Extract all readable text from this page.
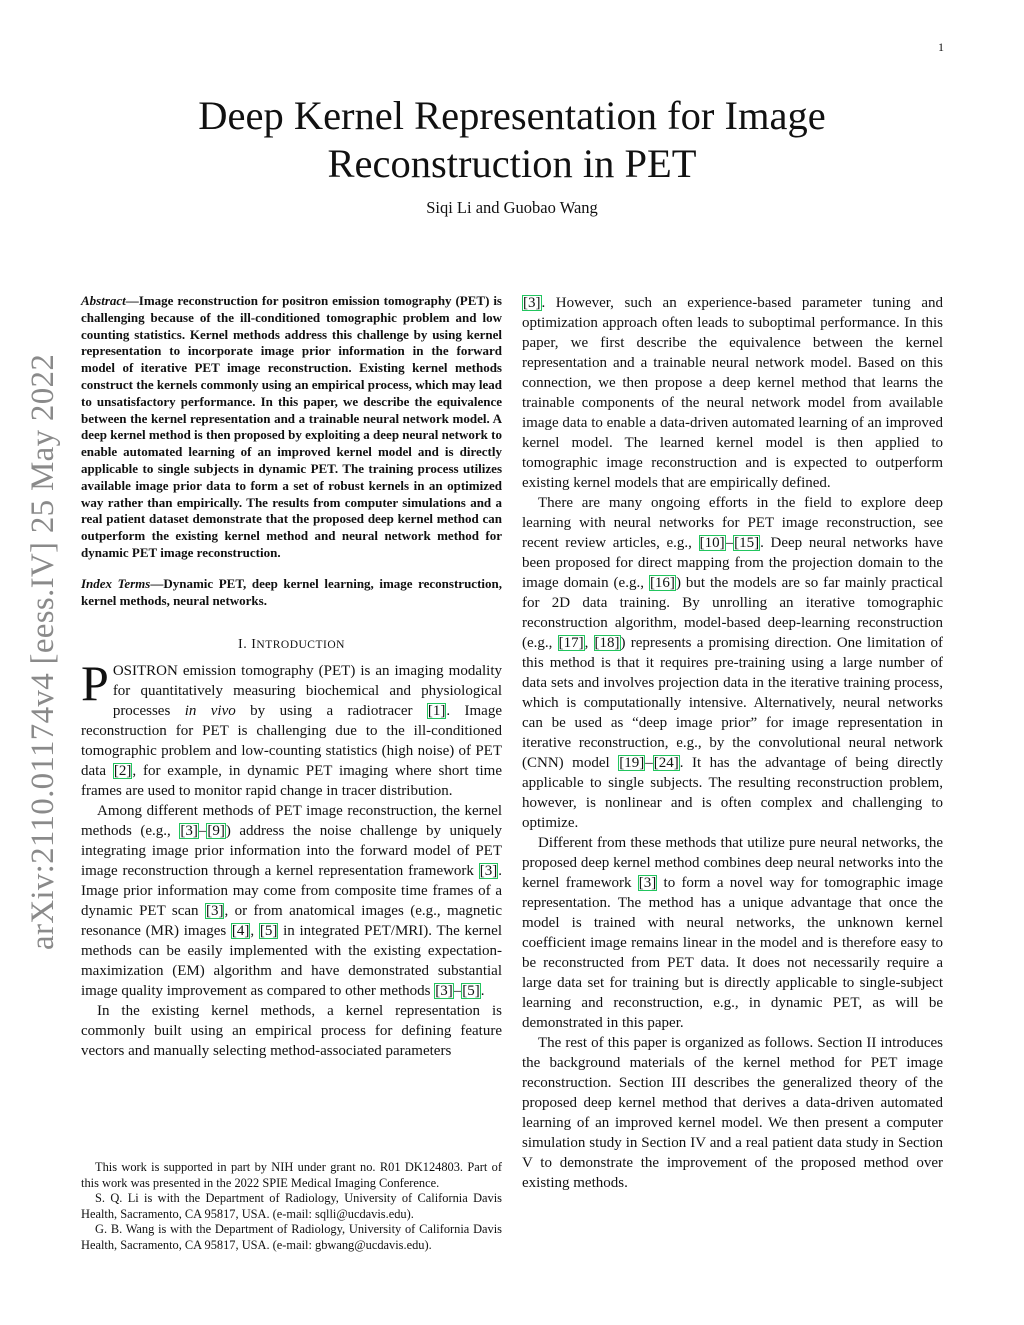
1
arXiv:2110.01174v4 [eess.IV] 25 May 2022
Deep Kernel Representation for Image
Reconstruction in PET
Siqi Li and Guobao Wang

Abstract—Image reconstruction for positron emission tomography (PET) is challenging because of the ill-conditioned tomographic problem and low counting statistics. Kernel methods address this challenge by using kernel representation to incorporate image prior information in the forward model of iterative PET image reconstruction. Existing kernel methods construct the kernels commonly using an empirical process, which may lead to unsatisfactory performance. In this paper, we describe the equivalence between the kernel representation and a trainable neural network model. A deep kernel method is then proposed by exploiting a deep neural network to enable automated learning of an improved kernel model and is directly applicable to single subjects in dynamic PET. The training process utilizes available image prior data to form a set of robust kernels in an optimized way rather than empirically. The results from computer simulations and a real patient dataset demonstrate that the proposed deep kernel method can outperform the existing kernel method and neural network method for dynamic PET image reconstruction.

Index Terms—Dynamic PET, deep kernel learning, image reconstruction, kernel methods, neural networks.

I. INTRODUCTION

POSITRON emission tomography (PET) is an imaging modality for quantitatively measuring biochemical and physiological processes in vivo by using a radiotracer [1]. Image reconstruction for PET is challenging due to the ill-conditioned tomographic problem and low-counting statistics (high noise) of PET data [2], for example, in dynamic PET imaging where short time frames are used to monitor rapid change in tracer distribution.

Among different methods of PET image reconstruction, the kernel methods (e.g., [3]–[9]) address the noise challenge by uniquely integrating image prior information into the forward model of PET image reconstruction through a kernel representation framework [3]. Image prior information may come from composite time frames of a dynamic PET scan [3], or from anatomical images (e.g., magnetic resonance (MR) images [4], [5] in integrated PET/MRI). The kernel methods can be easily implemented with the existing expectation-maximization (EM) algorithm and have demonstrated substantial image quality improvement as compared to other methods [3]–[5].

In the existing kernel methods, a kernel representation is commonly built using an empirical process for defining feature vectors and manually selecting method-associated parameters

This work is supported in part by NIH under grant no. R01 DK124803. Part of this work was presented in the 2022 SPIE Medical Imaging Conference.

S. Q. Li is with the Department of Radiology, University of California Davis Health, Sacramento, CA 95817, USA. (e-mail: sqlli@ucdavis.edu).

G. B. Wang is with the Department of Radiology, University of California Davis Health, Sacramento, CA 95817, USA. (e-mail: gbwang@ucdavis.edu).

[3]. However, such an experience-based parameter tuning and optimization approach often leads to suboptimal performance. In this paper, we first describe the equivalence between the kernel representation and a trainable neural network model. Based on this connection, we then propose a deep kernel method that learns the trainable components of the neural network model from available image data to enable a data-driven automated learning of an improved kernel model. The learned kernel model is then applied to tomographic image reconstruction and is expected to outperform existing kernel models that are empirically defined.

There are many ongoing efforts in the field to explore deep learning with neural networks for PET image reconstruction, see recent review articles, e.g., [10]–[15]. Deep neural networks have been proposed for direct mapping from the projection domain to the image domain (e.g., [16]) but the models are so far mainly practical for 2D data training. By unrolling an iterative tomographic reconstruction algorithm, model-based deep-learning reconstruction (e.g., [17], [18]) represents a promising direction. One limitation of this method is that it requires pre-training using a large number of data sets and involves projection data in the iterative training process, which is computationally intensive. Alternatively, neural networks can be used as “deep image prior” for image representation in iterative reconstruction, e.g., by the convolutional neural network (CNN) model [19]–[24]. It has the advantage of being directly applicable to single subjects. The resulting reconstruction problem, however, is nonlinear and is often complex and challenging to optimize.

Different from these methods that utilize pure neural networks, the proposed deep kernel method combines deep neural networks into the kernel framework [3] to form a novel way for tomographic image representation. The method has a unique advantage that once the model is trained with neural networks, the unknown kernel coefficient image remains linear in the model and is therefore easy to be reconstructed from PET data. It does not necessarily require a large data set for training but is directly applicable to single-subject learning and reconstruction, e.g., in dynamic PET, as will be demonstrated in this paper.

The rest of this paper is organized as follows. Section II introduces the background materials of the kernel method for PET image reconstruction. Section III describes the generalized theory of the proposed deep kernel method that derives a data-driven automated learning of an improved kernel model. We then present a computer simulation study in Section IV and a real patient data study in Section V to demonstrate the improvement of the proposed method over existing methods.
